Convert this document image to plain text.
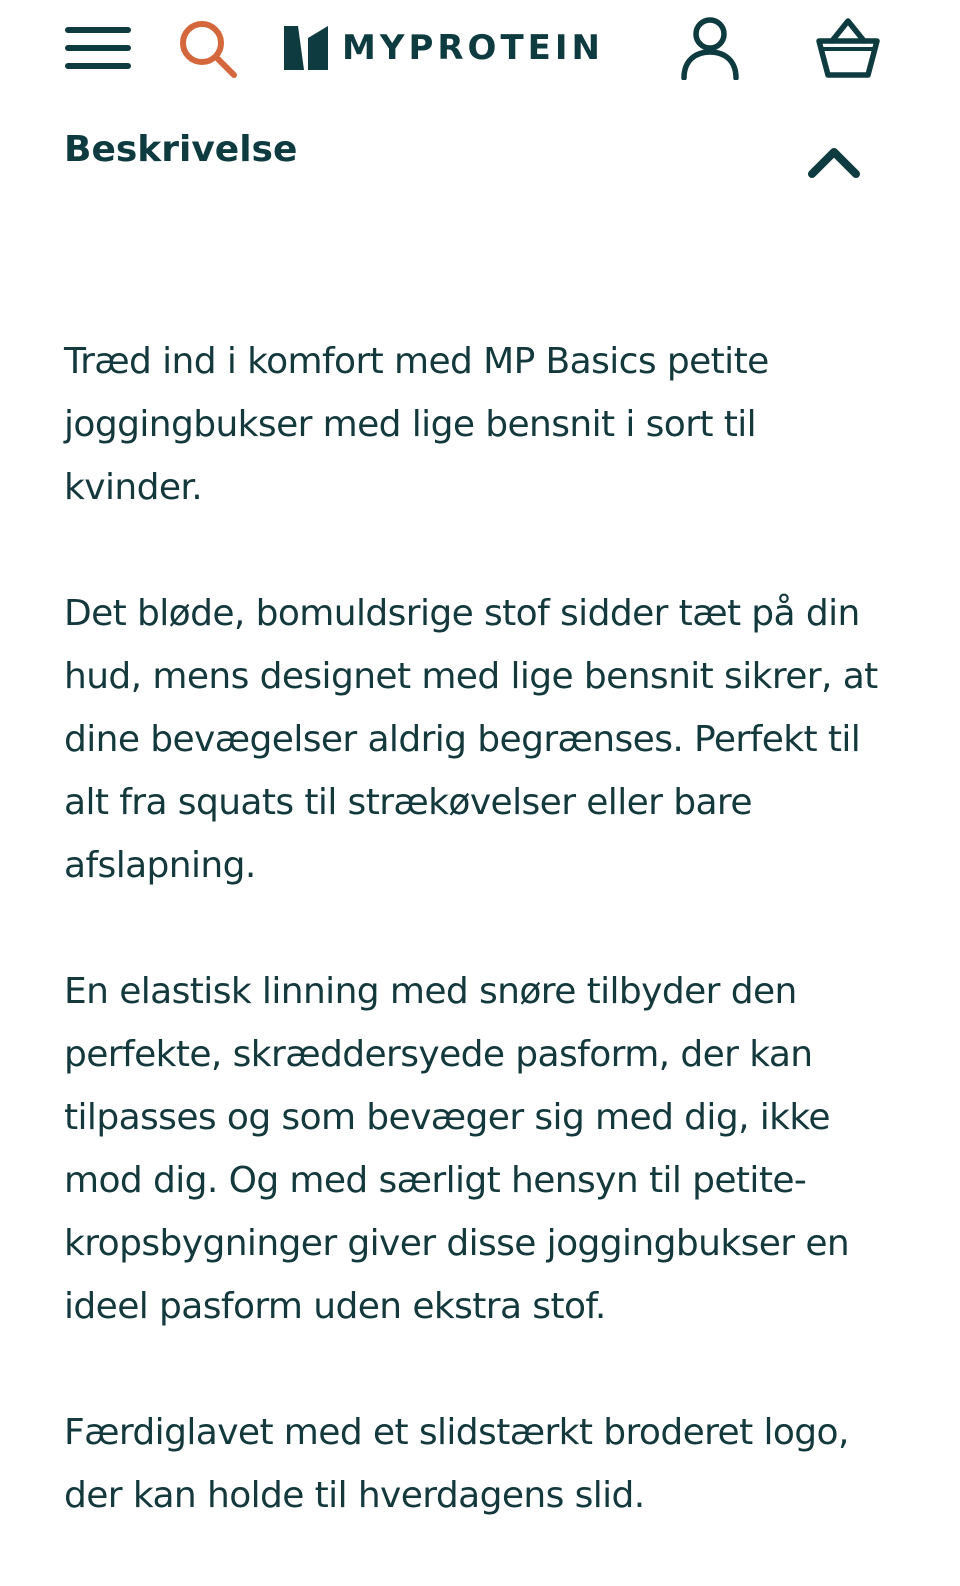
MYPROTEIN
Beskrivelse

Træd ind i komfort med MP Basics petite joggingbukser med lige bensnit i sort til kvinder.

Det bløde, bomuldsrige stof sidder tæt på din hud, mens designet med lige bensnit sikrer, at dine bevægelser aldrig begrænses. Perfekt til alt fra squats til strækøvelser eller bare afslapning.

En elastisk linning med snøre tilbyder den perfekte, skræddersyede pasform, der kan tilpasses og som bevæger sig med dig, ikke mod dig. Og med særligt hensyn til petite-kropsbygninger giver disse joggingbukser en ideel pasform uden ekstra stof.

Færdiglavet med et slidstærkt broderet logo, der kan holde til hverdagens slid.
